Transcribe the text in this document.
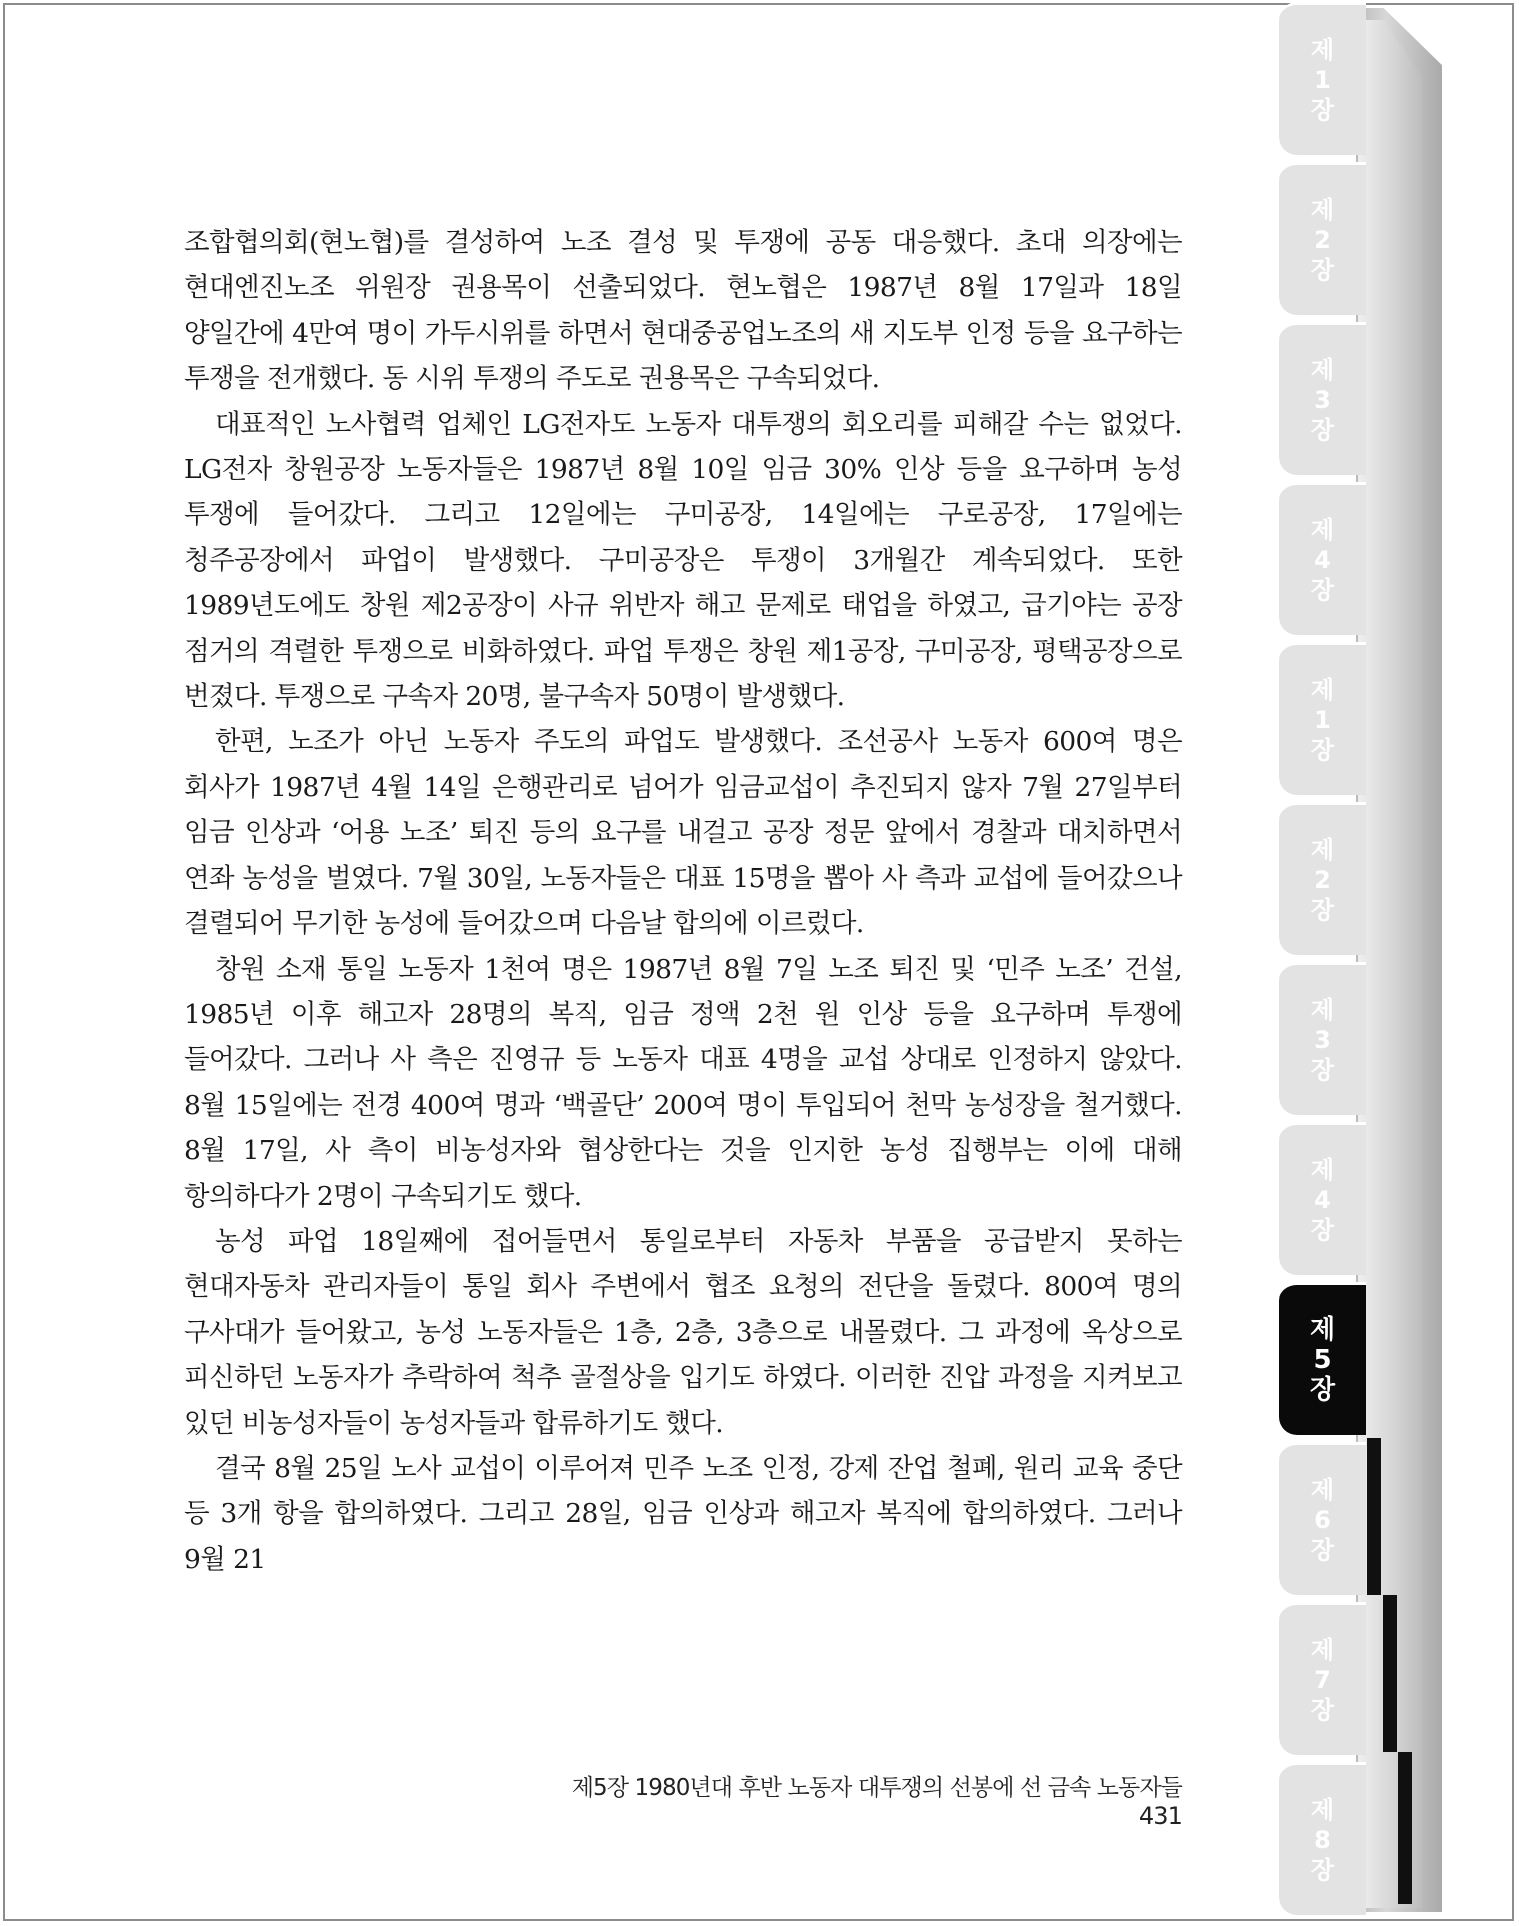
조합협의회(현노협)를 결성하여 노조 결성 및 투쟁에 공동 대응했다. 초대 의장에는 현대엔진노조 위원장 권용목이 선출되었다. 현노협은 1987년 8월 17일과 18일 양일간에 4만여 명이 가두시위를 하면서 현대중공업노조의 새 지도부 인정 등을 요구하는 투쟁을 전개했다. 동 시위 투쟁의 주도로 권용목은 구속되었다.

대표적인 노사협력 업체인 LG전자도 노동자 대투쟁의 회오리를 피해갈 수는 없었다. LG전자 창원공장 노동자들은 1987년 8월 10일 임금 30% 인상 등을 요구하며 농성 투쟁에 들어갔다. 그리고 12일에는 구미공장, 14일에는 구로공장, 17일에는 청주공장에서 파업이 발생했다. 구미공장은 투쟁이 3개월간 계속되었다. 또한 1989년도에도 창원 제2공장이 사규 위반자 해고 문제로 태업을 하였고, 급기야는 공장 점거의 격렬한 투쟁으로 비화하였다. 파업 투쟁은 창원 제1공장, 구미공장, 평택공장으로 번졌다. 투쟁으로 구속자 20명, 불구속자 50명이 발생했다.

한편, 노조가 아닌 노동자 주도의 파업도 발생했다. 조선공사 노동자 600여 명은 회사가 1987년 4월 14일 은행관리로 넘어가 임금교섭이 추진되지 않자 7월 27일부터 임금 인상과 ‘어용 노조’ 퇴진 등의 요구를 내걸고 공장 정문 앞에서 경찰과 대치하면서 연좌 농성을 벌였다. 7월 30일, 노동자들은 대표 15명을 뽑아 사 측과 교섭에 들어갔으나 결렬되어 무기한 농성에 들어갔으며 다음날 합의에 이르렀다.

창원 소재 통일 노동자 1천여 명은 1987년 8월 7일 노조 퇴진 및 ‘민주 노조’ 건설, 1985년 이후 해고자 28명의 복직, 임금 정액 2천 원 인상 등을 요구하며 투쟁에 들어갔다. 그러나 사 측은 진영규 등 노동자 대표 4명을 교섭 상대로 인정하지 않았다. 8월 15일에는 전경 400여 명과 ‘백골단’ 200여 명이 투입되어 천막 농성장을 철거했다. 8월 17일, 사 측이 비농성자와 협상한다는 것을 인지한 농성 집행부는 이에 대해 항의하다가 2명이 구속되기도 했다.

농성 파업 18일째에 접어들면서 통일로부터 자동차 부품을 공급받지 못하는 현대자동차 관리자들이 통일 회사 주변에서 협조 요청의 전단을 돌렸다. 800여 명의 구사대가 들어왔고, 농성 노동자들은 1층, 2층, 3층으로 내몰렸다. 그 과정에 옥상으로 피신하던 노동자가 추락하여 척추 골절상을 입기도 하였다. 이러한 진압 과정을 지켜보고 있던 비농성자들이 농성자들과 합류하기도 했다.

결국 8월 25일 노사 교섭이 이루어져 민주 노조 인정, 강제 잔업 철폐, 원리 교육 중단 등 3개 항을 합의하였다. 그리고 28일, 임금 인상과 해고자 복직에 합의하였다. 그러나 9월 21

제5장 1980년대 후반 노동자 대투쟁의 선봉에 선 금속 노동자들431
제
1
장
제
2
장
제
3
장
제
4
장
제
1
장
제
2
장
제
3
장
제
4
장
제
5
장
제
6
장
제
7
장
제
8
장
